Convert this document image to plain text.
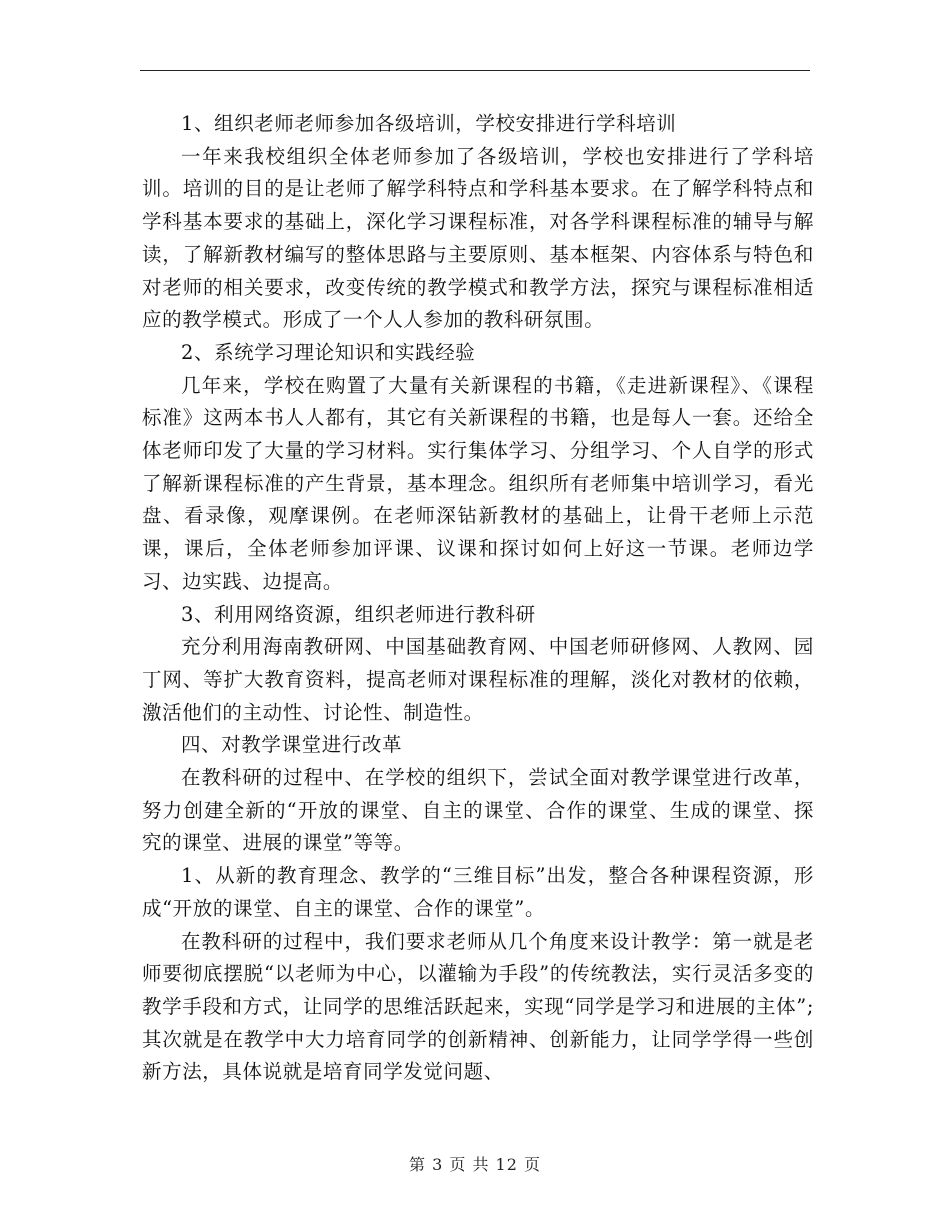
1、组织老师老师参加各级培训，学校安排进行学科培训

一年来我校组织全体老师参加了各级培训，学校也安排进行了学科培训。培训的目的是让老师了解学科特点和学科基本要求。在了解学科特点和学科基本要求的基础上，深化学习课程标准，对各学科课程标准的辅导与解读，了解新教材编写的整体思路与主要原则、基本框架、内容体系与特色和对老师的相关要求，改变传统的教学模式和教学方法，探究与课程标准相适应的教学模式。形成了一个人人参加的教科研氛围。

2、系统学习理论知识和实践经验

几年来，学校在购置了大量有关新课程的书籍，《走进新课程》、《课程标准》这两本书人人都有，其它有关新课程的书籍，也是每人一套。还给全体老师印发了大量的学习材料。实行集体学习、分组学习、个人自学的形式了解新课程标准的产生背景，基本理念。组织所有老师集中培训学习，看光盘、看录像，观摩课例。在老师深钻新教材的基础上，让骨干老师上示范课，课后，全体老师参加评课、议课和探讨如何上好这一节课。老师边学习、边实践、边提高。

3、利用网络资源，组织老师进行教科研

充分利用海南教研网、中国基础教育网、中国老师研修网、人教网、园丁网、等扩大教育资料，提高老师对课程标准的理解，淡化对教材的依赖，激活他们的主动性、讨论性、制造性。

四、对教学课堂进行改革

在教科研的过程中、在学校的组织下，尝试全面对教学课堂进行改革，努力创建全新的“开放的课堂、自主的课堂、合作的课堂、生成的课堂、探究的课堂、进展的课堂”等等。

1、从新的教育理念、教学的“三维目标”出发，整合各种课程资源，形成“开放的课堂、自主的课堂、合作的课堂”。

在教科研的过程中，我们要求老师从几个角度来设计教学：第一就是老师要彻底摆脱“以老师为中心，以灌输为手段”的传统教法，实行灵活多变的教学手段和方式，让同学的思维活跃起来，实现“同学是学习和进展的主体”;其次就是在教学中大力培育同学的创新精神、创新能力，让同学学得一些创新方法，具体说就是培育同学发觉问题、

第 3 页 共 12 页
